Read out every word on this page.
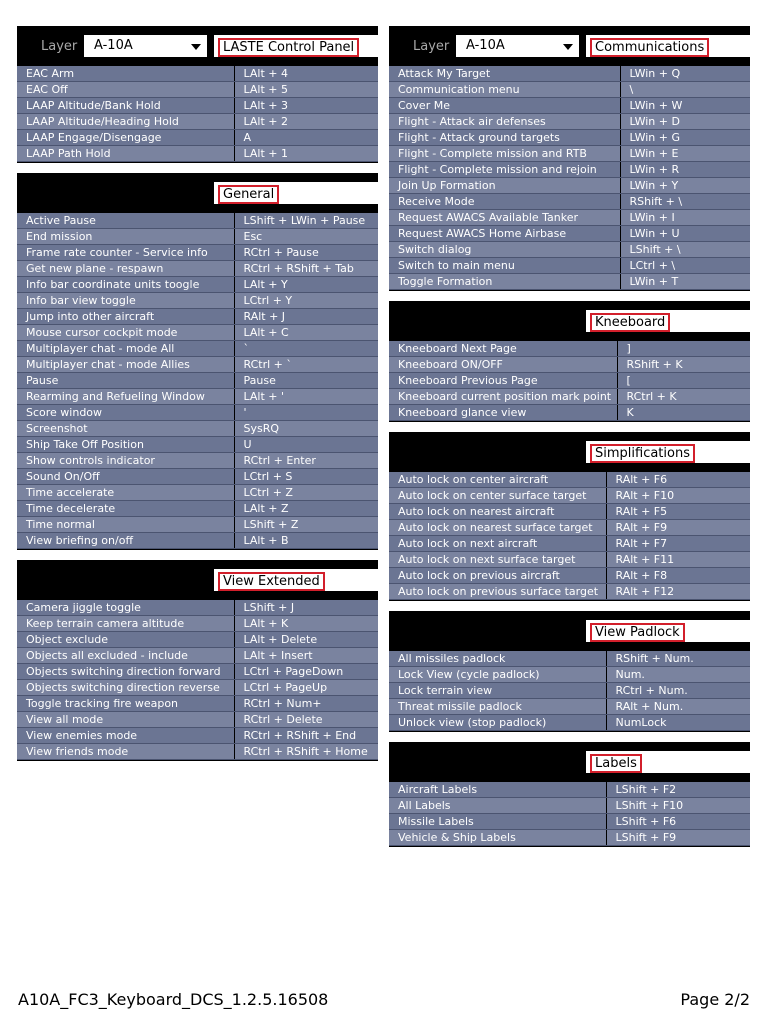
Layer	A-10A	LASTE Control Panel
EAC Arm	LAlt + 4
EAC Off	LAlt + 5
LAAP Altitude/Bank Hold	LAlt + 3
LAAP Altitude/Heading Hold	LAlt + 2
LAAP Engage/Disengage	A
LAAP Path Hold	LAlt + 1
General
Active Pause	LShift + LWin + Pause
End mission	Esc
Frame rate counter - Service info	RCtrl + Pause
Get new plane - respawn	RCtrl + RShift + Tab
Info bar coordinate units toogle	LAlt + Y
Info bar view toggle	LCtrl + Y
Jump into other aircraft	RAlt + J
Mouse cursor cockpit mode	LAlt + C
Multiplayer chat - mode All	`
Multiplayer chat - mode Allies	RCtrl + `
Pause	Pause
Rearming and Refueling Window	LAlt + '
Score window	'
Screenshot	SysRQ
Ship Take Off Position	U
Show controls indicator	RCtrl + Enter
Sound On/Off	LCtrl + S
Time accelerate	LCtrl + Z
Time decelerate	LAlt + Z
Time normal	LShift + Z
View briefing on/off	LAlt + B
View Extended
Camera jiggle toggle	LShift + J
Keep terrain camera altitude	LAlt + K
Object exclude	LAlt + Delete
Objects all excluded - include	LAlt + Insert
Objects switching direction forward	LCtrl + PageDown
Objects switching direction reverse	LCtrl + PageUp
Toggle tracking fire weapon	RCtrl + Num+
View all mode	RCtrl + Delete
View enemies mode	RCtrl + RShift + End
View friends mode	RCtrl + RShift + Home
Layer	A-10A	Communications
Attack My Target	LWin + Q
Communication menu	\
Cover Me	LWin + W
Flight - Attack air defenses	LWin + D
Flight - Attack ground targets	LWin + G
Flight - Complete mission and RTB	LWin + E
Flight - Complete mission and rejoin	LWin + R
Join Up Formation	LWin + Y
Receive Mode	RShift + \
Request AWACS Available Tanker	LWin + I
Request AWACS Home Airbase	LWin + U
Switch dialog	LShift + \
Switch to main menu	LCtrl + \
Toggle Formation	LWin + T
Kneeboard
Kneeboard Next Page	]
Kneeboard ON/OFF	RShift + K
Kneeboard Previous Page	[
Kneeboard current position mark point	RCtrl + K
Kneeboard glance view	K
Simplifications
Auto lock on center aircraft	RAlt + F6
Auto lock on center surface target	RAlt + F10
Auto lock on nearest aircraft	RAlt + F5
Auto lock on nearest surface target	RAlt + F9
Auto lock on next aircraft	RAlt + F7
Auto lock on next surface target	RAlt + F11
Auto lock on previous aircraft	RAlt + F8
Auto lock on previous surface target	RAlt + F12
View Padlock
All missiles padlock	RShift + Num.
Lock View (cycle padlock)	Num.
Lock terrain view	RCtrl + Num.
Threat missile padlock	RAlt + Num.
Unlock view (stop padlock)	NumLock
Labels
Aircraft Labels	LShift + F2
All Labels	LShift + F10
Missile Labels	LShift + F6
Vehicle & Ship Labels	LShift + F9
A10A_FC3_Keyboard_DCS_1.2.5.16508	Page 2/2
